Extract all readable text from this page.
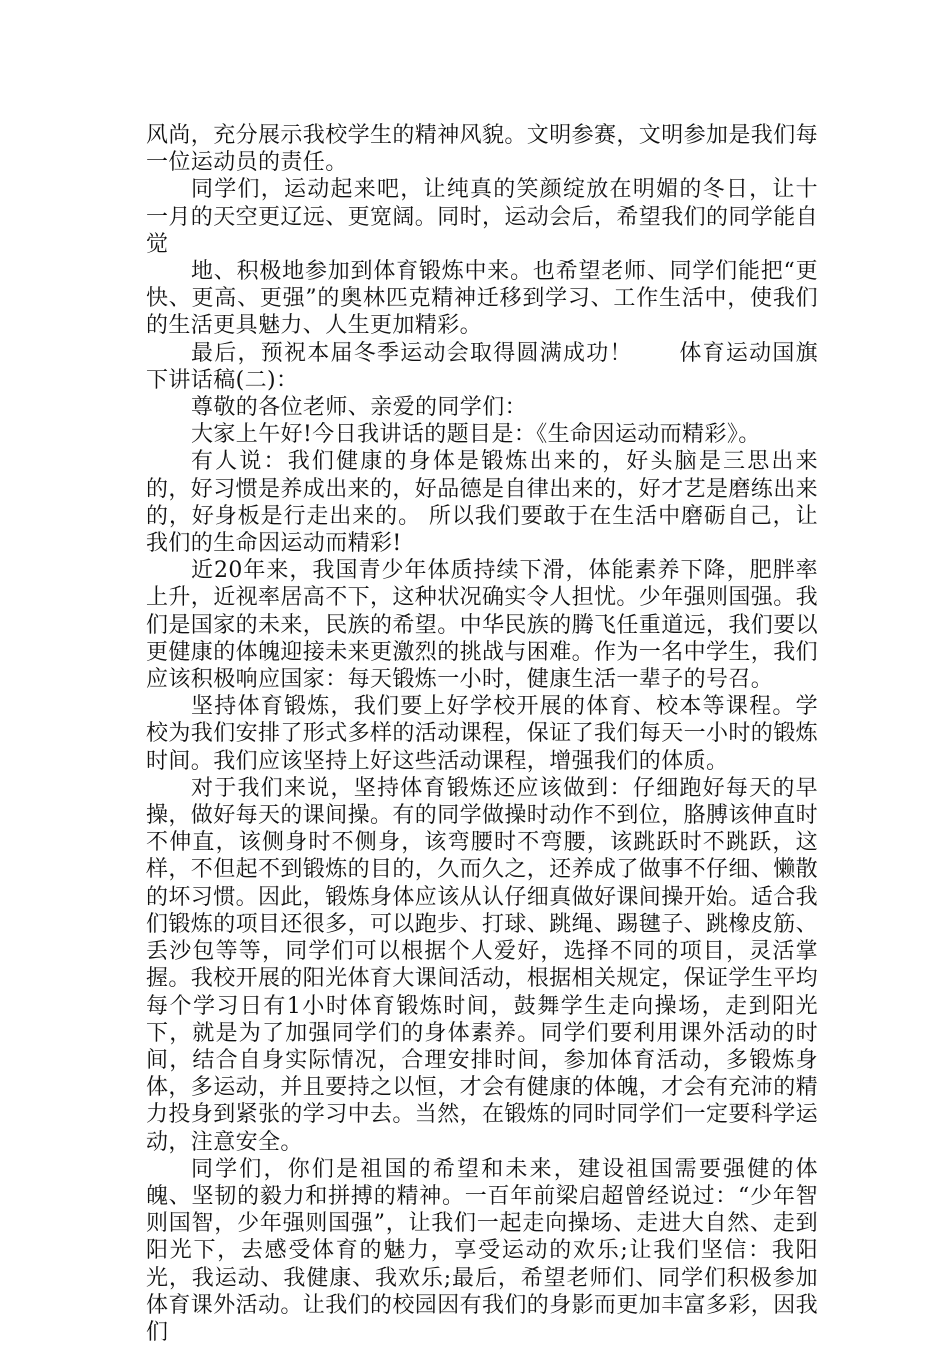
风尚，充分展示我校学生的精神风貌。文明参赛，文明参加是我们每一位运动员的责任。

同学们，运动起来吧，让纯真的笑颜绽放在明媚的冬日，让十一月的天空更辽远、更宽阔。同时，运动会后，希望我们的同学能自觉

地、积极地参加到体育锻炼中来。也希望老师、同学们能把“更快、更高、更强”的奥林匹克精神迁移到学习、工作生活中，使我们的生活更具魅力、人生更加精彩。

最后，预祝本届冬季运动会取得圆满成功！　　体育运动国旗下讲话稿(二)：

尊敬的各位老师、亲爱的同学们：

大家上午好!今日我讲话的题目是：《生命因运动而精彩》。

有人说：我们健康的身体是锻炼出来的，好头脑是三思出来的，好习惯是养成出来的，好品德是自律出来的，好才艺是磨练出来的，好身板是行走出来的。 所以我们要敢于在生活中磨砺自己，让我们的生命因运动而精彩!

近20年来，我国青少年体质持续下滑，体能素养下降，肥胖率上升，近视率居高不下，这种状况确实令人担忧。少年强则国强。我们是国家的未来，民族的希望。中华民族的腾飞任重道远，我们要以更健康的体魄迎接未来更激烈的挑战与困难。作为一名中学生，我们应该积极响应国家：每天锻炼一小时，健康生活一辈子的号召。

坚持体育锻炼，我们要上好学校开展的体育、校本等课程。学校为我们安排了形式多样的活动课程，保证了我们每天一小时的锻炼时间。我们应该坚持上好这些活动课程，增强我们的体质。

对于我们来说，坚持体育锻炼还应该做到：仔细跑好每天的早操，做好每天的课间操。有的同学做操时动作不到位，胳膊该伸直时不伸直，该侧身时不侧身，该弯腰时不弯腰，该跳跃时不跳跃，这样，不但起不到锻炼的目的，久而久之，还养成了做事不仔细、懒散的坏习惯。因此，锻炼身体应该从认仔细真做好课间操开始。适合我们锻炼的项目还很多，可以跑步、打球、跳绳、踢毽子、跳橡皮筋、丢沙包等等，同学们可以根据个人爱好，选择不同的项目，灵活掌握。我校开展的阳光体育大课间活动，根据相关规定，保证学生平均每个学习日有1小时体育锻炼时间，鼓舞学生走向操场，走到阳光下，就是为了加强同学们的身体素养。同学们要利用课外活动的时间，结合自身实际情况，合理安排时间，参加体育活动，多锻炼身体，多运动，并且要持之以恒，才会有健康的体魄，才会有充沛的精力投身到紧张的学习中去。当然，在锻炼的同时同学们一定要科学运动，注意安全。

同学们，你们是祖国的希望和未来，建设祖国需要强健的体魄、坚韧的毅力和拼搏的精神。一百年前梁启超曾经说过：“少年智则国智，少年强则国强”，让我们一起走向操场、走进大自然、走到阳光下，去感受体育的魅力，享受运动的欢乐;让我们坚信：我阳光，我运动、我健康、我欢乐;最后，希望老师们、同学们积极参加体育课外活动。让我们的校园因有我们的身影而更加丰富多彩，因我们
